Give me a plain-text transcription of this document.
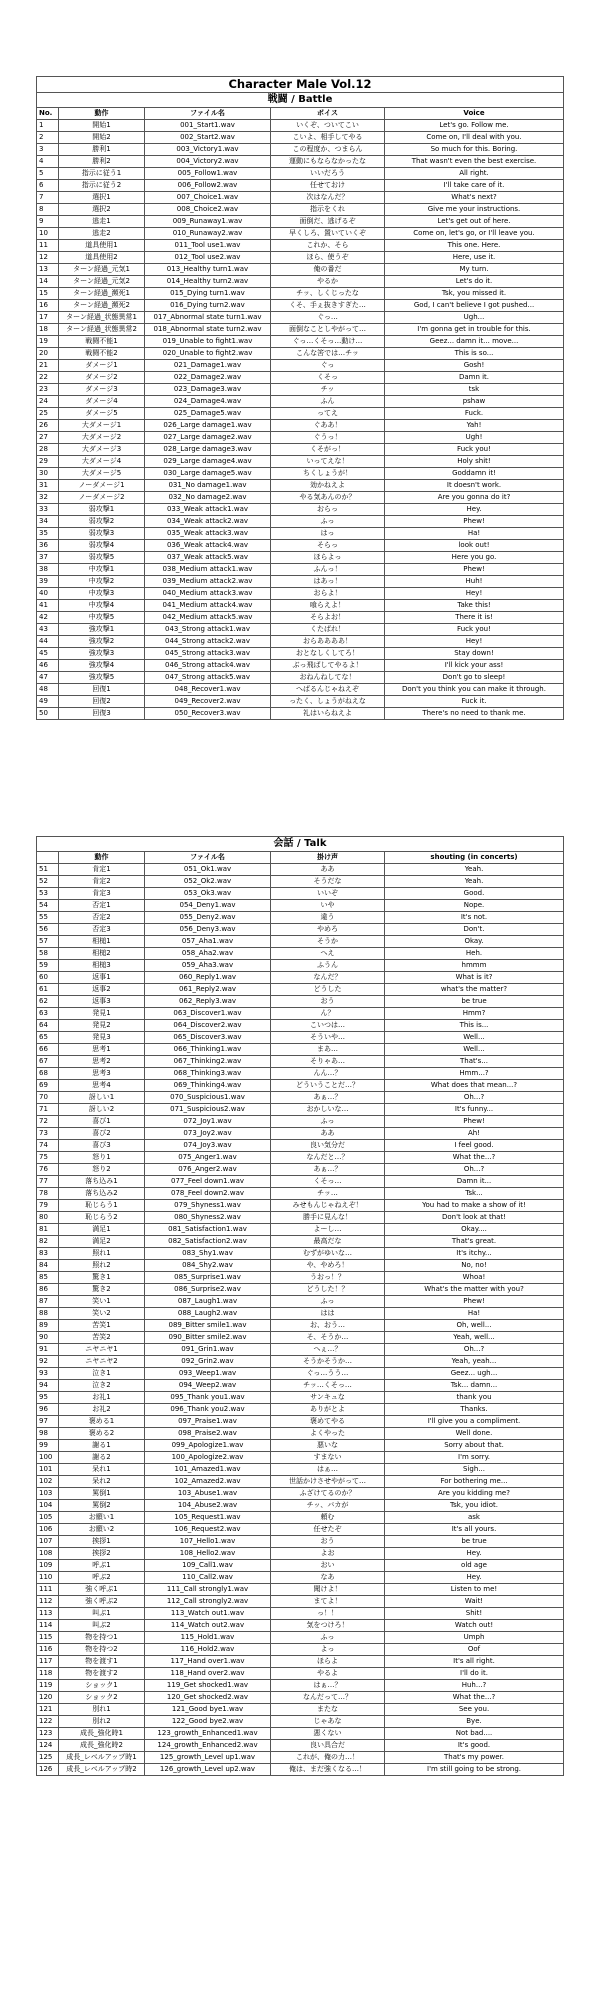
Character Male Vol.12				
戦闘 / Battle				
No.	動作	ファイル名	ボイス	Voice
1	開始1	001_Start1.wav	いくぞ、ついてこい	Let's go. Follow me.
2	開始2	002_Start2.wav	こいよ、相手してやる	Come on, I'll deal with you.
3	勝利1	003_Victory1.wav	この程度か、つまらん	So much for this. Boring.
4	勝利2	004_Victory2.wav	運動にもならなかったな	That wasn't even the best exercise.
5	指示に従う1	005_Follow1.wav	いいだろう	All right.
6	指示に従う2	006_Follow2.wav	任せておけ	I'll take care of it.
7	選択1	007_Choice1.wav	次はなんだ？	What's next?
8	選択2	008_Choice2.wav	指示をくれ	Give me your instructions.
9	逃走1	009_Runaway1.wav	面倒だ、逃げるぞ	Let's get out of here.
10	逃走2	010_Runaway2.wav	早くしろ、置いていくぞ	Come on, let's go, or I'll leave you.
11	道具使用1	011_Tool use1.wav	これか、そら	This one. Here.
12	道具使用2	012_Tool use2.wav	ほら、使うぞ	Here, use it.
13	ターン経過_元気1	013_Healthy turn1.wav	俺の番だ	My turn.
14	ターン経過_元気2	014_Healthy turn2.wav	やるか	Let's do it.
15	ターン経過_瀕死1	015_Dying turn1.wav	チッ、しくじったな	Tsk, you missed it.
16	ターン経過_瀕死2	016_Dying turn2.wav	くそ、手ぇ抜きすぎた…	God, I can't believe I got pushed...
17	ターン経過_状態異常1	017_Abnormal state turn1.wav	ぐっ…	Ugh...
18	ターン経過_状態異常2	018_Abnormal state turn2.wav	面倒なことしやがって…	I'm gonna get in trouble for this.
19	戦闘不能1	019_Unable to fight1.wav	ぐっ…くそっ…動け…	Geez... damn it... move...
20	戦闘不能2	020_Unable to fight2.wav	こんな筈では…チッ	This is so...
21	ダメージ1	021_Damage1.wav	ぐっ	Gosh!
22	ダメージ2	022_Damage2.wav	くそっ	Damn it.
23	ダメージ3	023_Damage3.wav	チッ	tsk
24	ダメージ4	024_Damage4.wav	ふん	pshaw
25	ダメージ5	025_Damage5.wav	ってえ	Fuck.
26	大ダメージ1	026_Large damage1.wav	ぐああ！	Yah!
27	大ダメージ2	027_Large damage2.wav	ぐうっ！	Ugh!
28	大ダメージ3	028_Large damage3.wav	くそがっ！	Fuck you!
29	大ダメージ4	029_Large damage4.wav	いってえな！	Holy shit!
30	大ダメージ5	030_Large damage5.wav	ちくしょうが！	Goddamn it!
31	ノーダメージ1	031_No damage1.wav	効かねえよ	It doesn't work.
32	ノーダメージ2	032_No damage2.wav	やる気あんのか？	Are you gonna do it?
33	弱攻撃1	033_Weak attack1.wav	おらっ	Hey.
34	弱攻撃2	034_Weak attack2.wav	ふっ	Phew!
35	弱攻撃3	035_Weak attack3.wav	はっ	Ha!
36	弱攻撃4	036_Weak attack4.wav	そらっ	look out!
37	弱攻撃5	037_Weak attack5.wav	ほらよっ	Here you go.
38	中攻撃1	038_Medium attack1.wav	ふんっ！	Phew!
39	中攻撃2	039_Medium attack2.wav	はあっ！	Huh!
40	中攻撃3	040_Medium attack3.wav	おらよ！	Hey!
41	中攻撃4	041_Medium attack4.wav	喰らえよ！	Take this!
42	中攻撃5	042_Medium attack5.wav	そらよお！	There it is!
43	強攻撃1	043_Strong attack1.wav	くたばれ！	Fuck you!
44	強攻撃2	044_Strong attack2.wav	おらああああ！	Hey!
45	強攻撃3	045_Strong attack3.wav	おとなしくしてろ！	Stay down!
46	強攻撃4	046_Strong attack4.wav	ぶっ飛ばしてやるよ！	I'll kick your ass!
47	強攻撃5	047_Strong attack5.wav	おねんねしてな！	Don't go to sleep!
48	回復1	048_Recover1.wav	へばるんじゃねえぞ	Don't you think you can make it through.
49	回復2	049_Recover2.wav	ったく、しょうがねえな	Fuck it.
50	回復3	050_Recover3.wav	礼はいらねえよ	There's no need to thank me.
会話 / Talk				
	動作	ファイル名	掛け声	shouting (in concerts)
51	肯定1	051_Ok1.wav	ああ	Yeah.
52	肯定2	052_Ok2.wav	そうだな	Yeah.
53	肯定3	053_Ok3.wav	いいぞ	Good.
54	否定1	054_Deny1.wav	いや	Nope.
55	否定2	055_Deny2.wav	違う	It's not.
56	否定3	056_Deny3.wav	やめろ	Don't.
57	相槌1	057_Aha1.wav	そうか	Okay.
58	相槌2	058_Aha2.wav	へえ	Heh.
59	相槌3	059_Aha3.wav	ふうん	hmmm
60	返事1	060_Reply1.wav	なんだ？	What is it?
61	返事2	061_Reply2.wav	どうした	what's the matter?
62	返事3	062_Reply3.wav	おう	be true
63	発見1	063_Discover1.wav	ん？	Hmm?
64	発見2	064_Discover2.wav	こいつは…	This is...
65	発見3	065_Discover3.wav	そういや…	Well...
66	思考1	066_Thinking1.wav	まあ…	Well...
67	思考2	067_Thinking2.wav	そりゃあ…	That's...
68	思考3	068_Thinking3.wav	んん…？	Hmm...?
69	思考4	069_Thinking4.wav	どういうことだ…？	What does that mean...?
70	訝しい1	070_Suspicious1.wav	あぁ…？	Oh...?
71	訝しい2	071_Suspicious2.wav	おかしいな…	It's funny...
72	喜び1	072_Joy1.wav	ふっ	Phew!
73	喜び2	073_Joy2.wav	ああ	Ah!
74	喜び3	074_Joy3.wav	良い気分だ	I feel good.
75	怒り1	075_Anger1.wav	なんだと…？	What the...?
76	怒り2	076_Anger2.wav	あぁ…？	Oh...?
77	落ち込み1	077_Feel down1.wav	くそっ…	Damn it...
78	落ち込み2	078_Feel down2.wav	チッ…	Tsk...
79	恥じらう1	079_Shyness1.wav	みせもんじゃねえぞ！	You had to make a show of it!
80	恥じらう2	080_Shyness2.wav	勝手に見んな！	Don't look at that!
81	満足1	081_Satisfaction1.wav	よーし…	Okay....
82	満足2	082_Satisfaction2.wav	最高だな	That's great.
83	照れ1	083_Shy1.wav	むずがゆいな…	It's itchy...
84	照れ2	084_Shy2.wav	や、やめろ！	No, no!
85	驚き1	085_Surprise1.wav	うおっ！？	Whoa!
86	驚き2	086_Surprise2.wav	どうした！？	What's the matter with you?
87	笑い1	087_Laugh1.wav	ふっ	Phew!
88	笑い2	088_Laugh2.wav	はは	Ha!
89	苦笑1	089_Bitter smile1.wav	お、おう…	Oh, well...
90	苦笑2	090_Bitter smile2.wav	そ、そうか…	Yeah, well...
91	ニヤニヤ1	091_Grin1.wav	へぇ…？	Oh...?
92	ニヤニヤ2	092_Grin2.wav	そうかそうか…	Yeah, yeah...
93	泣き1	093_Weep1.wav	ぐっ…うう…	Geez... ugh...
94	泣き2	094_Weep2.wav	チッ…くそっ…	Tsk... damn...
95	お礼1	095_Thank you1.wav	サンキュな	thank you
96	お礼2	096_Thank you2.wav	ありがとよ	Thanks.
97	褒める1	097_Praise1.wav	褒めてやる	I'll give you a compliment.
98	褒める2	098_Praise2.wav	よくやった	Well done.
99	謝る1	099_Apologize1.wav	悪いな	Sorry about that.
100	謝る2	100_Apologize2.wav	すまない	I'm sorry.
101	呆れ1	101_Amazed1.wav	はぁ…	Sigh...
102	呆れ2	102_Amazed2.wav	世話かけさせやがって…	For bothering me...
103	罵倒1	103_Abuse1.wav	ふざけてるのか？	Are you kidding me?
104	罵倒2	104_Abuse2.wav	チッ、バカが	Tsk, you idiot.
105	お願い1	105_Request1.wav	頼む	ask
106	お願い2	106_Request2.wav	任せたぞ	It's all yours.
107	挨拶1	107_Hello1.wav	おう	be true
108	挨拶2	108_Hello2.wav	よお	Hey.
109	呼ぶ1	109_Call1.wav	おい	old age
110	呼ぶ2	110_Call2.wav	なあ	Hey.
111	強く呼ぶ1	111_Call strongly1.wav	聞けよ！	Listen to me!
112	強く呼ぶ2	112_Call strongly2.wav	まてよ！	Wait!
113	叫ぶ1	113_Watch out1.wav	っ！！	Shit!
114	叫ぶ2	114_Watch out2.wav	気をつけろ！	Watch out!
115	物を持つ1	115_Hold1.wav	ふっ	Umph
116	物を持つ2	116_Hold2.wav	よっ	Oof
117	物を渡す1	117_Hand over1.wav	ほらよ	It's all right.
118	物を渡す2	118_Hand over2.wav	やるよ	I'll do it.
119	ショック1	119_Get shocked1.wav	はぁ…？	Huh...?
120	ショック2	120_Get shocked2.wav	なんだって…？	What the...?
121	別れ1	121_Good bye1.wav	またな	See you.
122	別れ2	122_Good bye2.wav	じゃあな	Bye.
123	成長_強化時1	123_growth_Enhanced1.wav	悪くない	Not bad....
124	成長_強化時2	124_growth_Enhanced2.wav	良い具合だ	It's good.
125	成長_レベルアップ時1	125_growth_Level up1.wav	これが、俺の力…！	That's my power.
126	成長_レベルアップ時2	126_growth_Level up2.wav	俺は、まだ強くなる…！	I'm still going to be strong.
